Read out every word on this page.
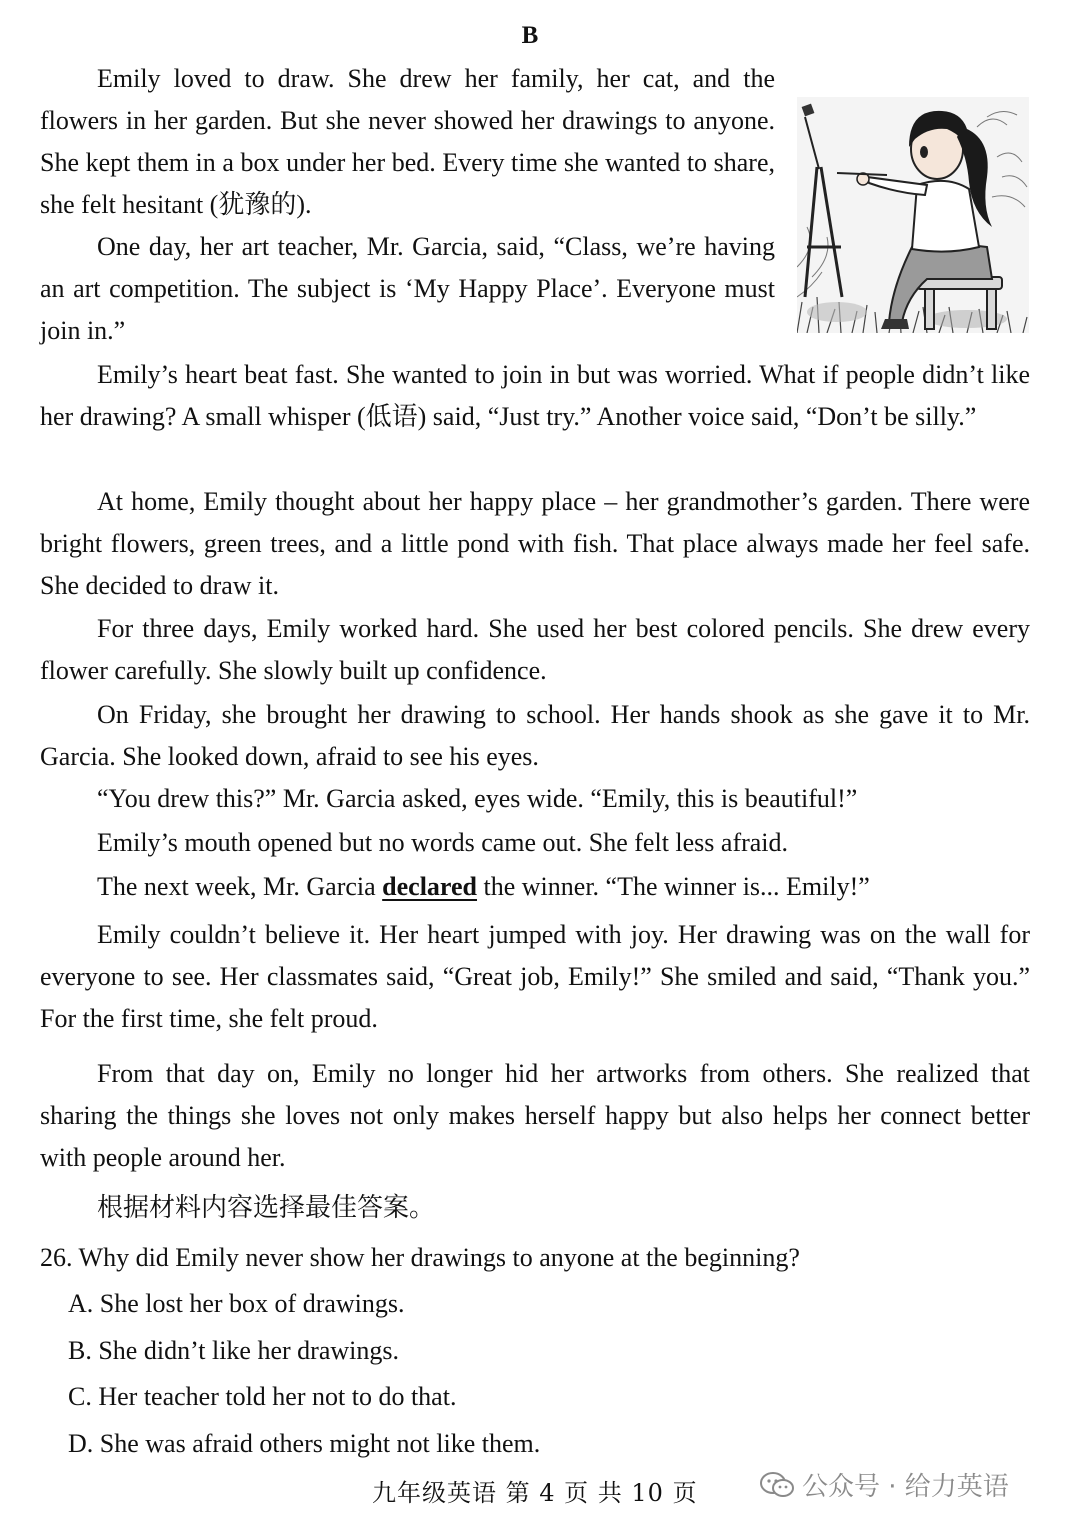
B

Emily loved to draw. She drew her family, her cat, and the flowers in her garden. But she never showed her drawings to anyone. She kept them in a box under her bed. Every time she wanted to share, she felt hesitant (犹豫的).

One day, her art teacher, Mr. Garcia, said, “Class, we’re having an art competition. The subject is ‘My Happy Place’. Everyone must join in.”

Emily’s heart beat fast. She wanted to join in but was worried. What if people didn’t like her drawing? A small whisper (低语) said, “Just try.” Another voice said, “Don’t be silly.”

At home, Emily thought about her happy place – her grandmother’s garden. There were bright flowers, green trees, and a little pond with fish. That place always made her feel safe. She decided to draw it.

For three days, Emily worked hard. She used her best colored pencils. She drew every flower carefully. She slowly built up confidence.

On Friday, she brought her drawing to school. Her hands shook as she gave it to Mr. Garcia. She looked down, afraid to see his eyes.

“You drew this?” Mr. Garcia asked, eyes wide. “Emily, this is beautiful!”

Emily’s mouth opened but no words came out. She felt less afraid.

The next week, Mr. Garcia declared the winner. “The winner is... Emily!”

Emily couldn’t believe it. Her heart jumped with joy. Her drawing was on the wall for everyone to see. Her classmates said, “Great job, Emily!” She smiled and said, “Thank you.” For the first time, she felt proud.

From that day on, Emily no longer hid her artworks from others. She realized that sharing the things she loves not only makes herself happy but also helps her connect better with people around her.

根据材料内容选择最佳答案。
26. Why did Emily never show her drawings to anyone at the beginning?
A. She lost her box of drawings.
B. She didn’t like her drawings.
C. Her teacher told her not to do that.
D. She was afraid others might not like them.
九年级英语 第 4 页 共 10 页	公众号 · 给力英语
